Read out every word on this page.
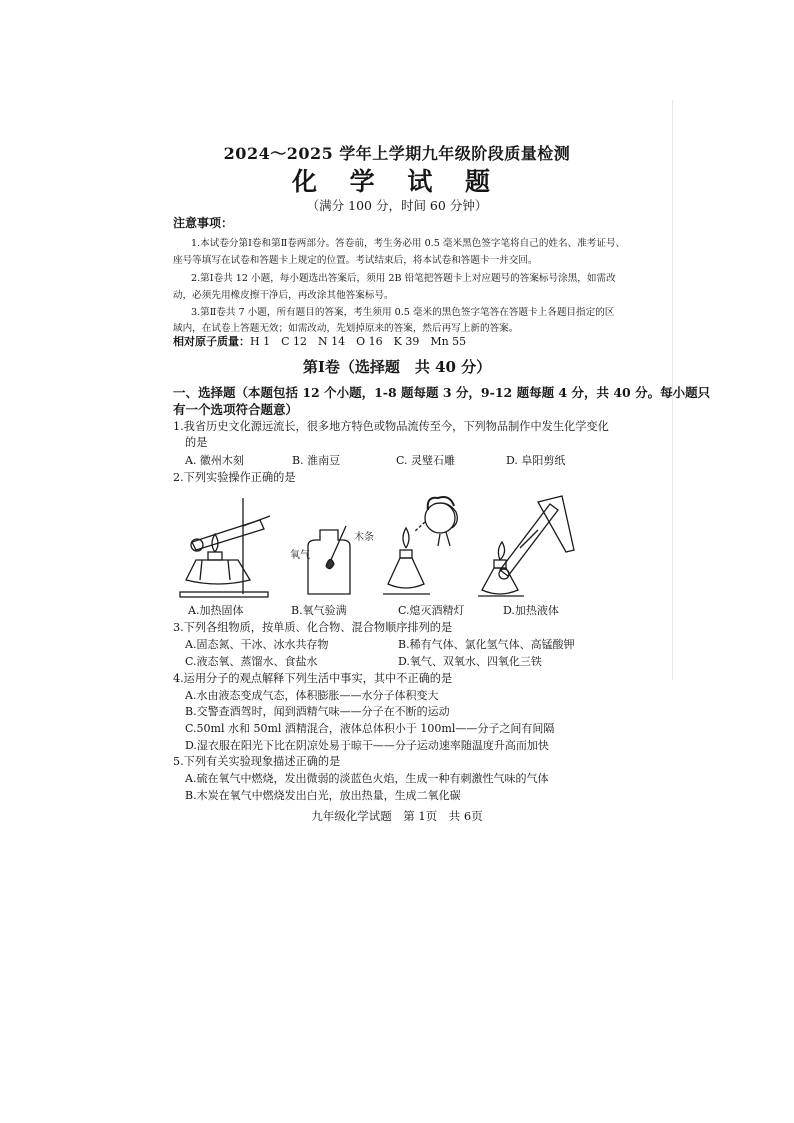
2024～2025 学年上学期九年级阶段质量检测
化 学 试 题
（满分 100 分，时间 60 分钟）
注意事项：
1.本试卷分第Ⅰ卷和第Ⅱ卷两部分。答卷前，考生务必用 0.5 毫米黑色签字笔将自己的姓名、准考证号、
座号等填写在试卷和答题卡上规定的位置。考试结束后，将本试卷和答题卡一并交回。
2.第Ⅰ卷共 12 小题，每小题选出答案后，须用 2B 铅笔把答题卡上对应题号的答案标号涂黑，如需改
动，必须先用橡皮擦干净后，再改涂其他答案标号。
3.第Ⅱ卷共 7 小题，所有题目的答案，考生须用 0.5 毫米的黑色签字笔答在答题卡上各题目指定的区
域内，在试卷上答题无效；如需改动，先划掉原来的答案，然后再写上新的答案。
相对原子质量：H 1　C 12　N 14　O 16　K 39　Mn 55
第Ⅰ卷（选择题　共 40 分）
一、选择题（本题包括 12 个小题，1-8 题每题 3 分，9-12 题每题 4 分，共 40 分。每小题只
有一个选项符合题意）
1.我省历史文化源远流长，很多地方特色或物品流传至今，下列物品制作中发生化学变化
的是
A. 徽州木刻	B. 淮南豆	C. 灵璧石雕	D. 阜阳剪纸
2.下列实验操作正确的是
氧气
木条
A.加热固体	B.氧气验满	C.熄灭酒精灯	D.加热液体
3.下列各组物质，按单质、化合物、混合物顺序排列的是
A.固态氮、干冰、冰水共存物	B.稀有气体、氯化氢气体、高锰酸钾
C.液态氧、蒸馏水、食盐水	D.氧气、双氧水、四氧化三铁
4.运用分子的观点解释下列生活中事实，其中不正确的是
A.水由液态变成气态，体积膨胀——水分子体积变大
B.交警查酒驾时，闻到酒精气味——分子在不断的运动
C.50ml 水和 50ml 酒精混合，液体总体积小于 100ml——分子之间有间隔
D.湿衣服在阳光下比在阴凉处易于晾干——分子运动速率随温度升高而加快
5.下列有关实验现象描述正确的是
A.硫在氧气中燃烧，发出微弱的淡蓝色火焰，生成一种有刺激性气味的气体
B.木炭在氧气中燃烧发出白光，放出热量，生成二氧化碳
九年级化学试题　第 1页　共 6页
